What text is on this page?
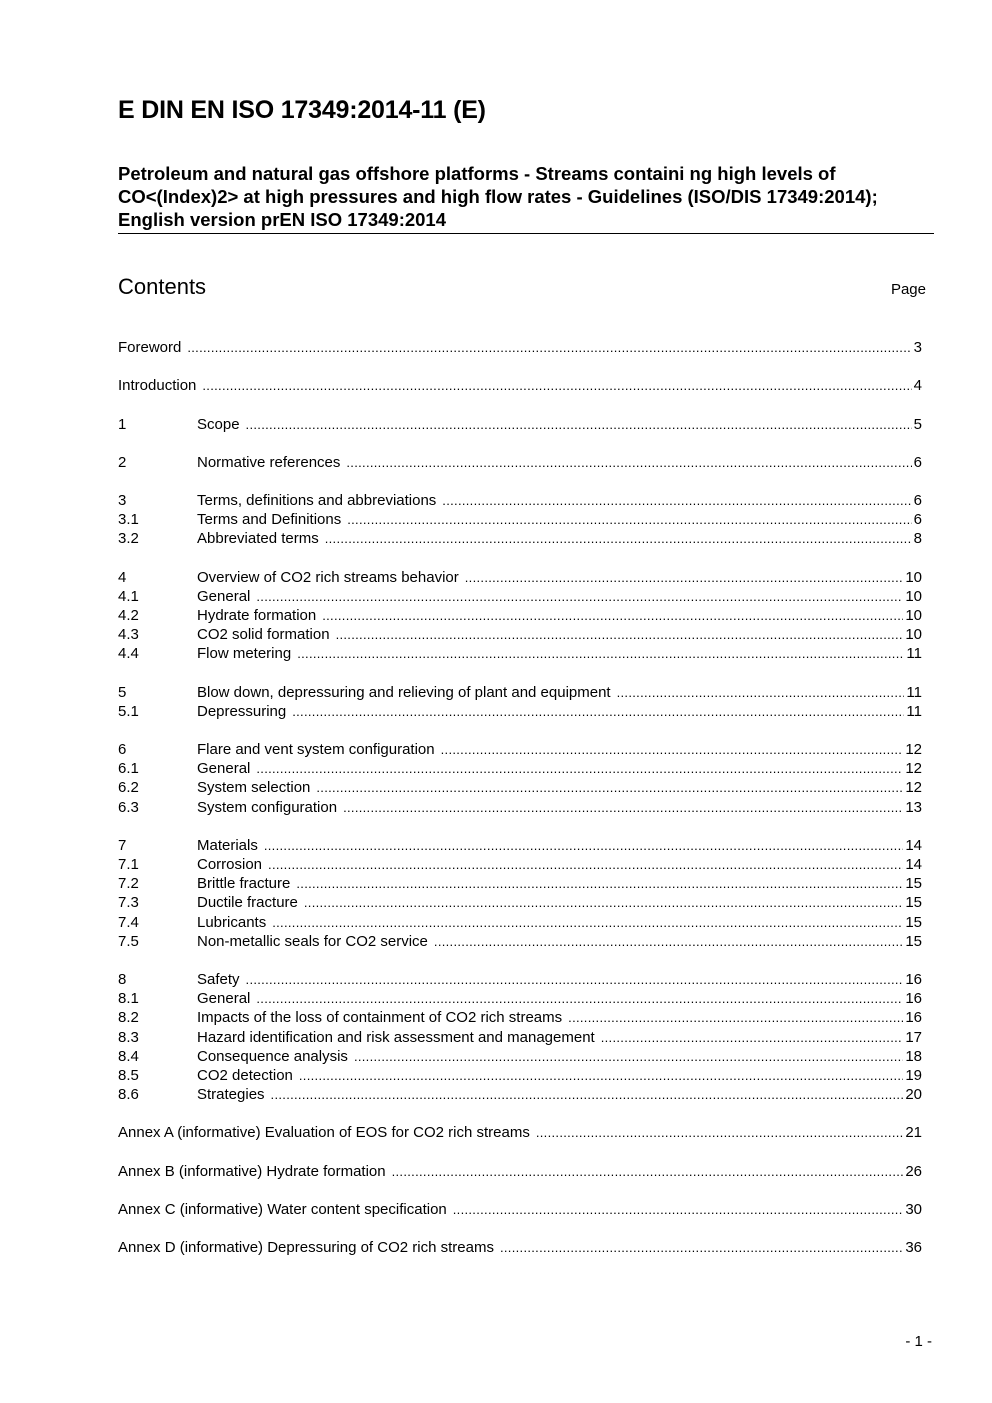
E DIN EN ISO 17349:2014-11 (E)
Petroleum and natural gas offshore platforms - Streams containi ng high levels of CO<(Index)2> at high pressures and high flow rates - Guidelines (ISO/DIS 17349:2014); English version prEN ISO 17349:2014
Contents	Page
Foreword .....	3
Introduction .....	4
1	Scope .....	5
2	Normative references .....	6
3	Terms, definitions and abbreviations .....	6
3.1	Terms and Definitions .....	6
3.2	Abbreviated terms .....	8
4	Overview of CO2 rich streams behavior .....	10
4.1	General .....	10
4.2	Hydrate formation .....	10
4.3	CO2 solid formation .....	10
4.4	Flow metering .....	11
5	Blow down, depressuring and relieving of plant and equipment .....	11
5.1	Depressuring .....	11
6	Flare and vent system configuration .....	12
6.1	General .....	12
6.2	System selection .....	12
6.3	System configuration .....	13
7	Materials .....	14
7.1	Corrosion .....	14
7.2	Brittle fracture .....	15
7.3	Ductile fracture .....	15
7.4	Lubricants .....	15
7.5	Non-metallic seals for CO2 service .....	15
8	Safety .....	16
8.1	General .....	16
8.2	Impacts of the loss of containment of CO2 rich streams .....	16
8.3	Hazard identification and risk assessment and management .....	17
8.4	Consequence analysis .....	18
8.5	CO2 detection .....	19
8.6	Strategies .....	20
Annex A (informative) Evaluation of EOS for CO2 rich streams .....	21
Annex B (informative) Hydrate formation .....	26
Annex C (informative) Water content specification .....	30
Annex D (informative) Depressuring of CO2 rich streams .....	36
- 1 -
